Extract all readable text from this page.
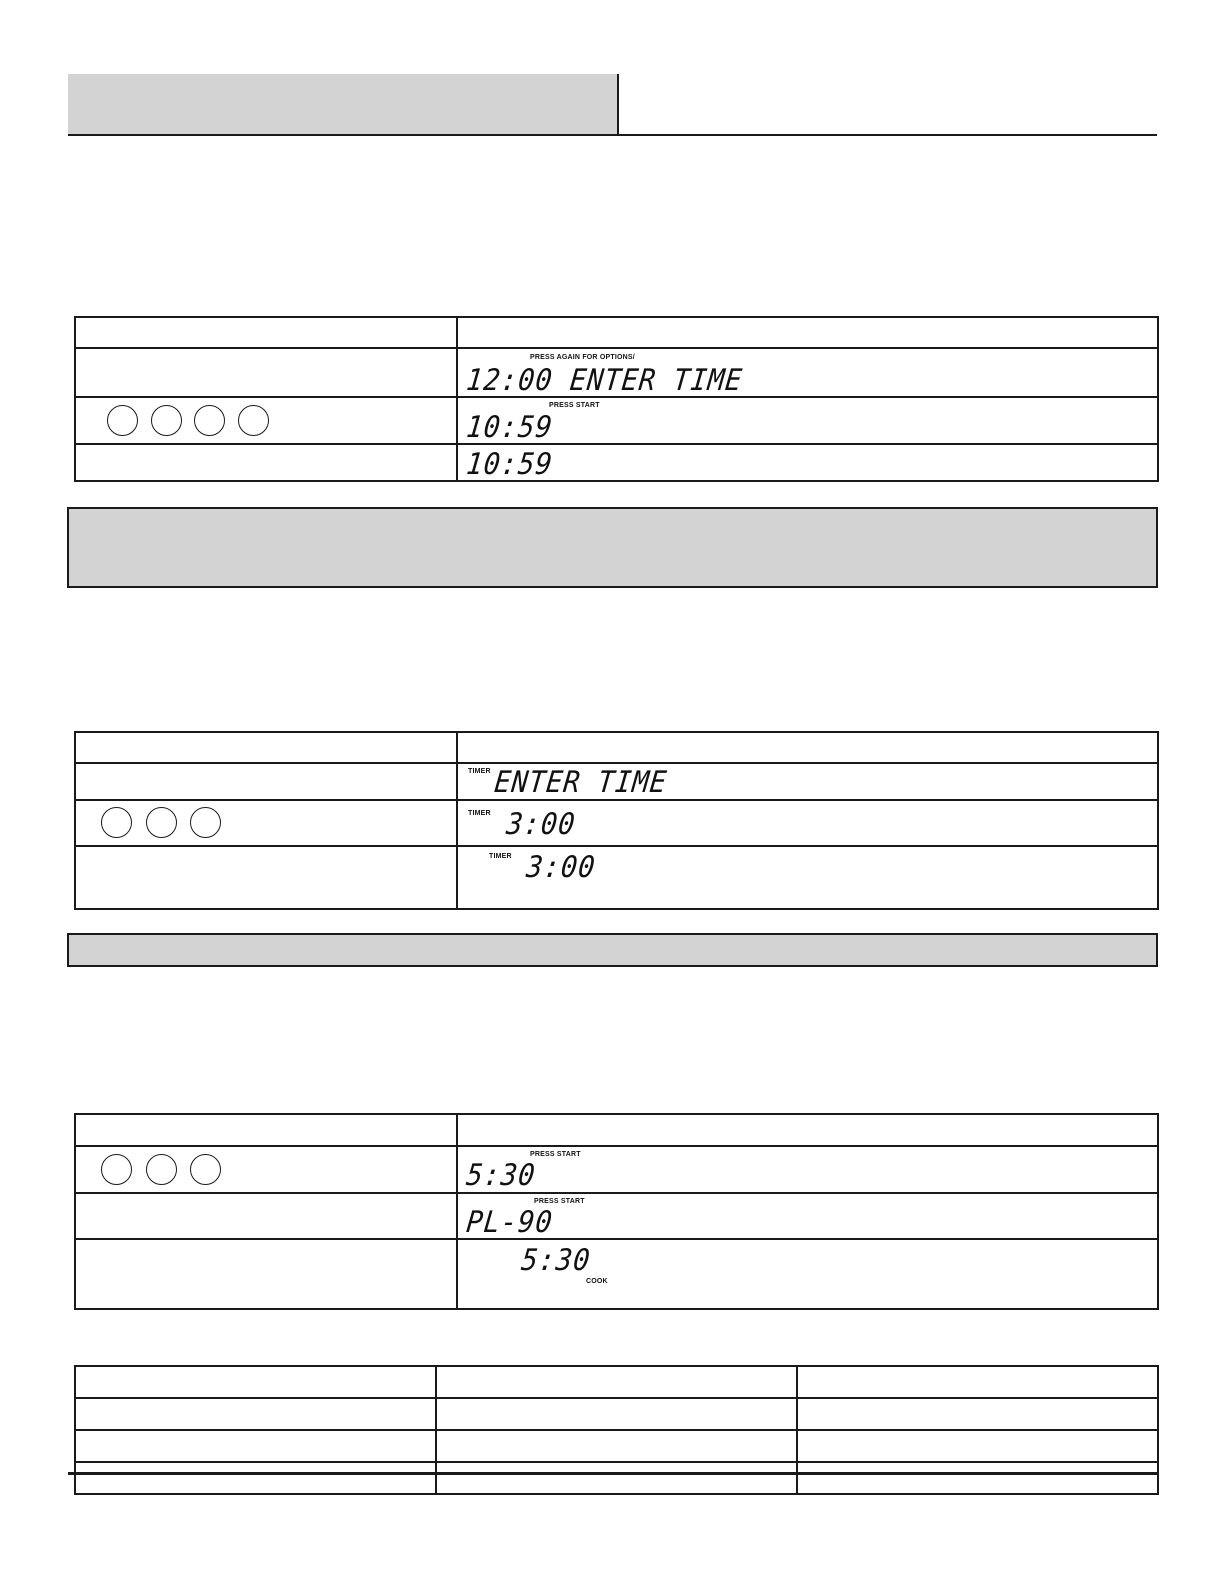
	PRESS AGAIN FOR OPTIONS/
12:00 ENTER TIME

	PRESS START
10:59

	10:59

	TIMER ENTER TIME

	TIMER 3:00

	TIMER 3:00

	PRESS START
5:30

	PRESS START
PL-90

	5:30
COOK
